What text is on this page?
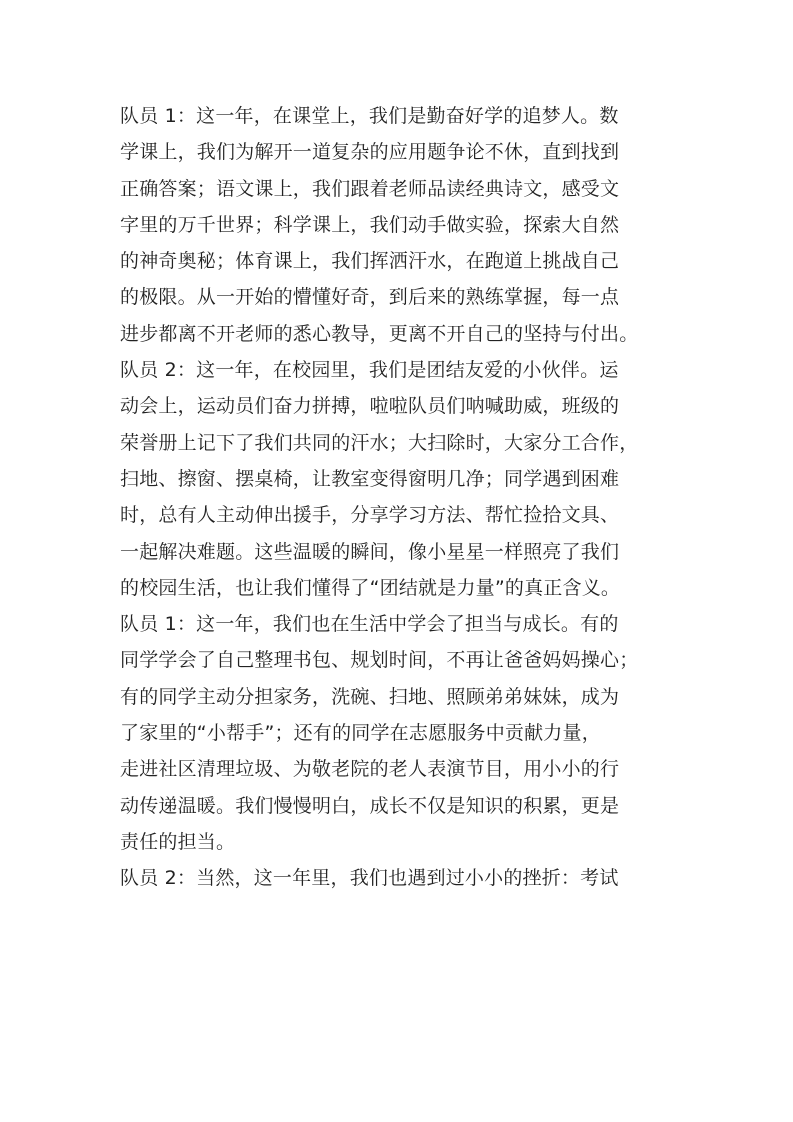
队员 1：这一年，在课堂上，我们是勤奋好学的追梦人。数
学课上，我们为解开一道复杂的应用题争论不休，直到找到
正确答案；语文课上，我们跟着老师品读经典诗文，感受文
字里的万千世界；科学课上，我们动手做实验，探索大自然
的神奇奥秘；体育课上，我们挥洒汗水，在跑道上挑战自己
的极限。从一开始的懵懂好奇，到后来的熟练掌握，每一点
进步都离不开老师的悉心教导，更离不开自己的坚持与付出。
队员 2：这一年，在校园里，我们是团结友爱的小伙伴。运
动会上，运动员们奋力拼搏，啦啦队员们呐喊助威，班级的
荣誉册上记下了我们共同的汗水；大扫除时，大家分工合作，
扫地、擦窗、摆桌椅，让教室变得窗明几净；同学遇到困难
时，总有人主动伸出援手，分享学习方法、帮忙捡拾文具、
一起解决难题。这些温暖的瞬间，像小星星一样照亮了我们
的校园生活，也让我们懂得了“团结就是力量”的真正含义。
队员 1：这一年，我们也在生活中学会了担当与成长。有的
同学学会了自己整理书包、规划时间，不再让爸爸妈妈操心；
有的同学主动分担家务，洗碗、扫地、照顾弟弟妹妹，成为
了家里的“小帮手”；还有的同学在志愿服务中贡献力量，
走进社区清理垃圾、为敬老院的老人表演节目，用小小的行
动传递温暖。我们慢慢明白，成长不仅是知识的积累，更是
责任的担当。
队员 2：当然，这一年里，我们也遇到过小小的挫折：考试
